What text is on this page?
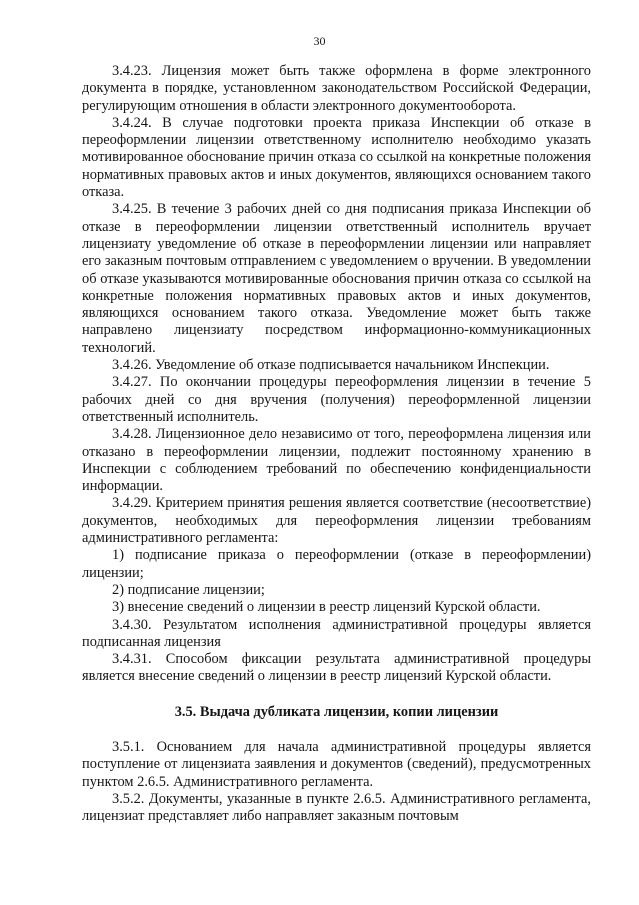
30

3.4.23. Лицензия может быть также оформлена в форме электронного документа в порядке, установленном законодательством Российской Федерации, регулирующим отношения в области электронного документооборота.

3.4.24. В случае подготовки проекта приказа Инспекции об отказе в переоформлении лицензии ответственному исполнителю необходимо указать мотивированное обоснование причин отказа со ссылкой на конкретные положения нормативных правовых актов и иных документов, являющихся основанием такого отказа.

3.4.25. В течение 3 рабочих дней со дня подписания приказа Инспекции об отказе в переоформлении лицензии ответственный исполнитель вручает лицензиату уведомление об отказе в переоформлении лицензии или направляет его заказным почтовым отправлением с уведомлением о вручении. В уведомлении об отказе указываются мотивированные обоснования причин отказа со ссылкой на конкретные положения нормативных правовых актов и иных документов, являющихся основанием такого отказа. Уведомление может быть также направлено лицензиату посредством информационно-коммуникационных технологий.

3.4.26. Уведомление об отказе подписывается начальником Инспекции.

3.4.27. По окончании процедуры переоформления лицензии в течение 5 рабочих дней со дня вручения (получения) переоформленной лицензии ответственный исполнитель.

3.4.28. Лицензионное дело независимо от того, переоформлена лицензия или отказано в переоформлении лицензии, подлежит постоянному хранению в Инспекции с соблюдением требований по обеспечению конфиденциальности информации.

3.4.29. Критерием принятия решения является соответствие (несоответствие) документов, необходимых для переоформления лицензии требованиям административного регламента:

1) подписание приказа о переоформлении (отказе в переоформлении) лицензии;

2) подписание лицензии;

3) внесение сведений о лицензии в реестр лицензий Курской области.

3.4.30. Результатом исполнения административной процедуры является подписанная лицензия

3.4.31. Способом фиксации результата административной процедуры является внесение сведений о лицензии в реестр лицензий Курской области.

3.5. Выдача дубликата лицензии, копии лицензии

3.5.1. Основанием для начала административной процедуры является поступление от лицензиата заявления и документов (сведений), предусмотренных пунктом 2.6.5. Административного регламента.

3.5.2. Документы, указанные в пункте 2.6.5. Административного регламента, лицензиат представляет либо направляет заказным почтовым
